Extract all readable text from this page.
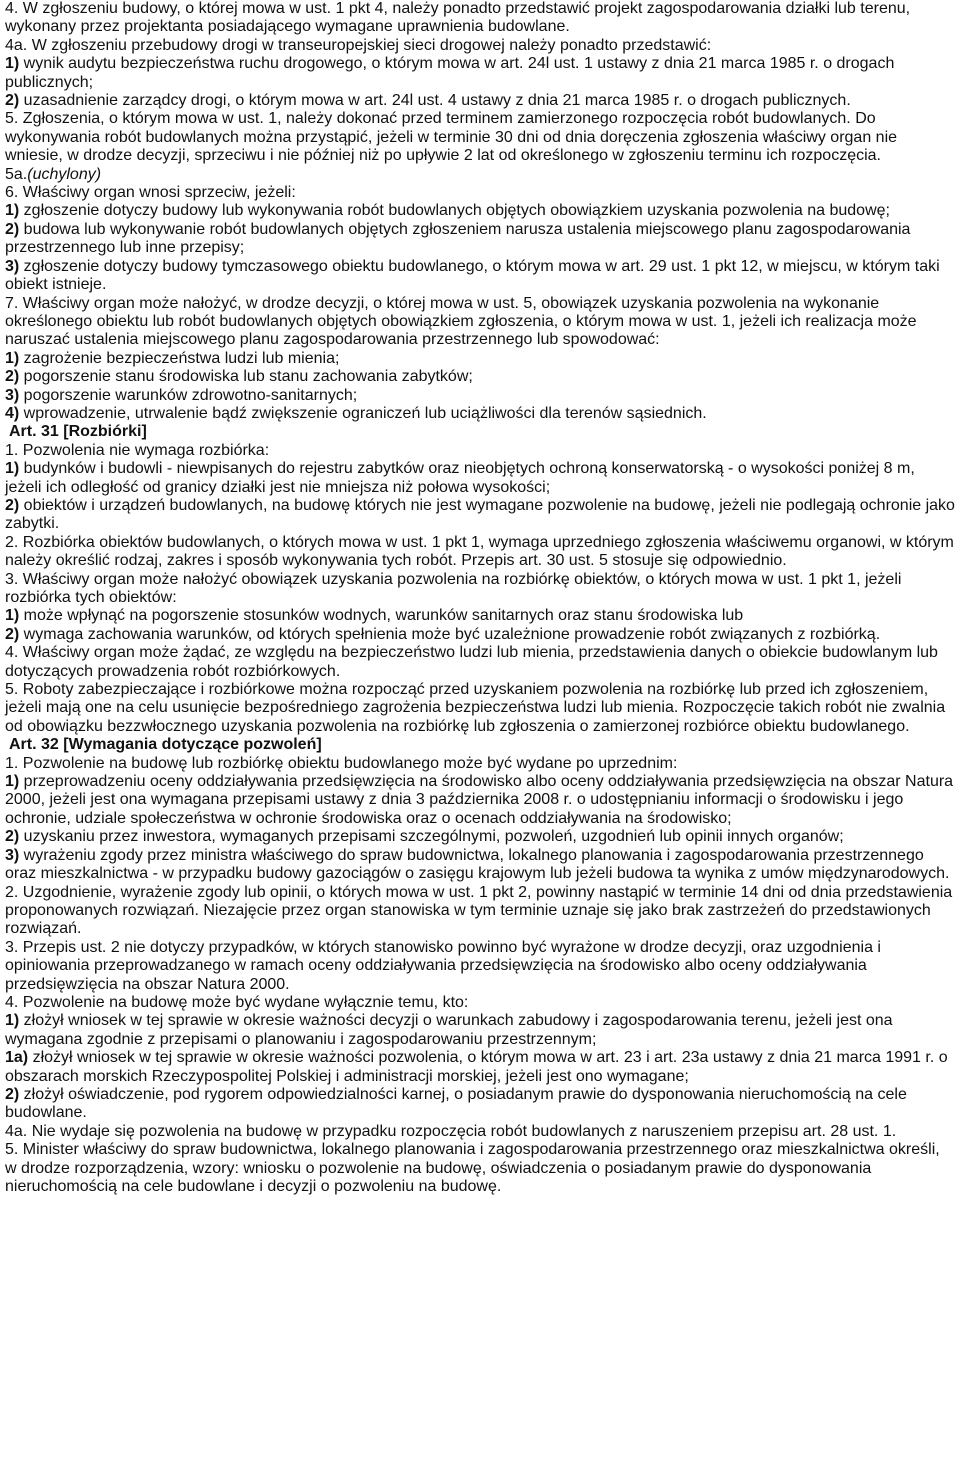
4. W zgłoszeniu budowy, o której mowa w ust. 1 pkt 4, należy ponadto przedstawić projekt zagospodarowania działki lub terenu, wykonany przez projektanta posiadającego wymagane uprawnienia budowlane.
4a. W zgłoszeniu przebudowy drogi w transeuropejskiej sieci drogowej należy ponadto przedstawić:
1) wynik audytu bezpieczeństwa ruchu drogowego, o którym mowa w art. 24l ust. 1 ustawy z dnia 21 marca 1985 r. o drogach publicznych;
2) uzasadnienie zarządcy drogi, o którym mowa w art. 24l ust. 4 ustawy z dnia 21 marca 1985 r. o drogach publicznych.
5. Zgłoszenia, o którym mowa w ust. 1, należy dokonać przed terminem zamierzonego rozpoczęcia robót budowlanych. Do wykonywania robót budowlanych można przystąpić, jeżeli w terminie 30 dni od dnia doręczenia zgłoszenia właściwy organ nie wniesie, w drodze decyzji, sprzeciwu i nie później niż po upływie 2 lat od określonego w zgłoszeniu terminu ich rozpoczęcia.
5a.(uchylony)
6. Właściwy organ wnosi sprzeciw, jeżeli:
1) zgłoszenie dotyczy budowy lub wykonywania robót budowlanych objętych obowiązkiem uzyskania pozwolenia na budowę;
2) budowa lub wykonywanie robót budowlanych objętych zgłoszeniem narusza ustalenia miejscowego planu zagospodarowania przestrzennego lub inne przepisy;
3) zgłoszenie dotyczy budowy tymczasowego obiektu budowlanego, o którym mowa w art. 29 ust. 1 pkt 12, w miejscu, w którym taki obiekt istnieje.
7. Właściwy organ może nałożyć, w drodze decyzji, o której mowa w ust. 5, obowiązek uzyskania pozwolenia na wykonanie określonego obiektu lub robót budowlanych objętych obowiązkiem zgłoszenia, o którym mowa w ust. 1, jeżeli ich realizacja może naruszać ustalenia miejscowego planu zagospodarowania przestrzennego lub spowodować:
1) zagrożenie bezpieczeństwa ludzi lub mienia;
2) pogorszenie stanu środowiska lub stanu zachowania zabytków;
3) pogorszenie warunków zdrowotno-sanitarnych;
4) wprowadzenie, utrwalenie bądź zwiększenie ograniczeń lub uciążliwości dla terenów sąsiednich.
Art. 31 [Rozbiórki]
1. Pozwolenia nie wymaga rozbiórka:
1) budynków i budowli - niewpisanych do rejestru zabytków oraz nieobjętych ochroną konserwatorską - o wysokości poniżej 8 m, jeżeli ich odległość od granicy działki jest nie mniejsza niż połowa wysokości;
2) obiektów i urządzeń budowlanych, na budowę których nie jest wymagane pozwolenie na budowę, jeżeli nie podlegają ochronie jako zabytki.
2. Rozbiórka obiektów budowlanych, o których mowa w ust. 1 pkt 1, wymaga uprzedniego zgłoszenia właściwemu organowi, w którym należy określić rodzaj, zakres i sposób wykonywania tych robót. Przepis art. 30 ust. 5 stosuje się odpowiednio.
3. Właściwy organ może nałożyć obowiązek uzyskania pozwolenia na rozbiórkę obiektów, o których mowa w ust. 1 pkt 1, jeżeli rozbiórka tych obiektów:
1) może wpłynąć na pogorszenie stosunków wodnych, warunków sanitarnych oraz stanu środowiska lub
2) wymaga zachowania warunków, od których spełnienia może być uzależnione prowadzenie robót związanych z rozbiórką.
4. Właściwy organ może żądać, ze względu na bezpieczeństwo ludzi lub mienia, przedstawienia danych o obiekcie budowlanym lub dotyczących prowadzenia robót rozbiórkowych.
5. Roboty zabezpieczające i rozbiórkowe można rozpocząć przed uzyskaniem pozwolenia na rozbiórkę lub przed ich zgłoszeniem, jeżeli mają one na celu usunięcie bezpośredniego zagrożenia bezpieczeństwa ludzi lub mienia. Rozpoczęcie takich robót nie zwalnia od obowiązku bezzwłocznego uzyskania pozwolenia na rozbiórkę lub zgłoszenia o zamierzonej rozbiórce obiektu budowlanego.
Art. 32 [Wymagania dotyczące pozwoleń]
1. Pozwolenie na budowę lub rozbiórkę obiektu budowlanego może być wydane po uprzednim:
1) przeprowadzeniu oceny oddziaływania przedsięwzięcia na środowisko albo oceny oddziaływania przedsięwzięcia na obszar Natura 2000, jeżeli jest ona wymagana przepisami ustawy z dnia 3 października 2008 r. o udostępnianiu informacji o środowisku i jego ochronie, udziale społeczeństwa w ochronie środowiska oraz o ocenach oddziaływania na środowisko;
2) uzyskaniu przez inwestora, wymaganych przepisami szczególnymi, pozwoleń, uzgodnień lub opinii innych organów;
3) wyrażeniu zgody przez ministra właściwego do spraw budownictwa, lokalnego planowania i zagospodarowania przestrzennego oraz mieszkalnictwa - w przypadku budowy gazociągów o zasięgu krajowym lub jeżeli budowa ta wynika z umów międzynarodowych.
2. Uzgodnienie, wyrażenie zgody lub opinii, o których mowa w ust. 1 pkt 2, powinny nastąpić w terminie 14 dni od dnia przedstawienia proponowanych rozwiązań. Niezajęcie przez organ stanowiska w tym terminie uznaje się jako brak zastrzeżeń do przedstawionych rozwiązań.
3. Przepis ust. 2 nie dotyczy przypadków, w których stanowisko powinno być wyrażone w drodze decyzji, oraz uzgodnienia i opiniowania przeprowadzanego w ramach oceny oddziaływania przedsięwzięcia na środowisko albo oceny oddziaływania przedsięwzięcia na obszar Natura 2000.
4. Pozwolenie na budowę może być wydane wyłącznie temu, kto:
1) złożył wniosek w tej sprawie w okresie ważności decyzji o warunkach zabudowy i zagospodarowania terenu, jeżeli jest ona wymagana zgodnie z przepisami o planowaniu i zagospodarowaniu przestrzennym;
1a) złożył wniosek w tej sprawie w okresie ważności pozwolenia, o którym mowa w art. 23 i art. 23a ustawy z dnia 21 marca 1991 r. o obszarach morskich Rzeczypospolitej Polskiej i administracji morskiej, jeżeli jest ono wymagane;
2) złożył oświadczenie, pod rygorem odpowiedzialności karnej, o posiadanym prawie do dysponowania nieruchomością na cele budowlane.
4a. Nie wydaje się pozwolenia na budowę w przypadku rozpoczęcia robót budowlanych z naruszeniem przepisu art. 28 ust. 1.
5. Minister właściwy do spraw budownictwa, lokalnego planowania i zagospodarowania przestrzennego oraz mieszkalnictwa określi, w drodze rozporządzenia, wzory: wniosku o pozwolenie na budowę, oświadczenia o posiadanym prawie do dysponowania nieruchomością na cele budowlane i decyzji o pozwoleniu na budowę.
